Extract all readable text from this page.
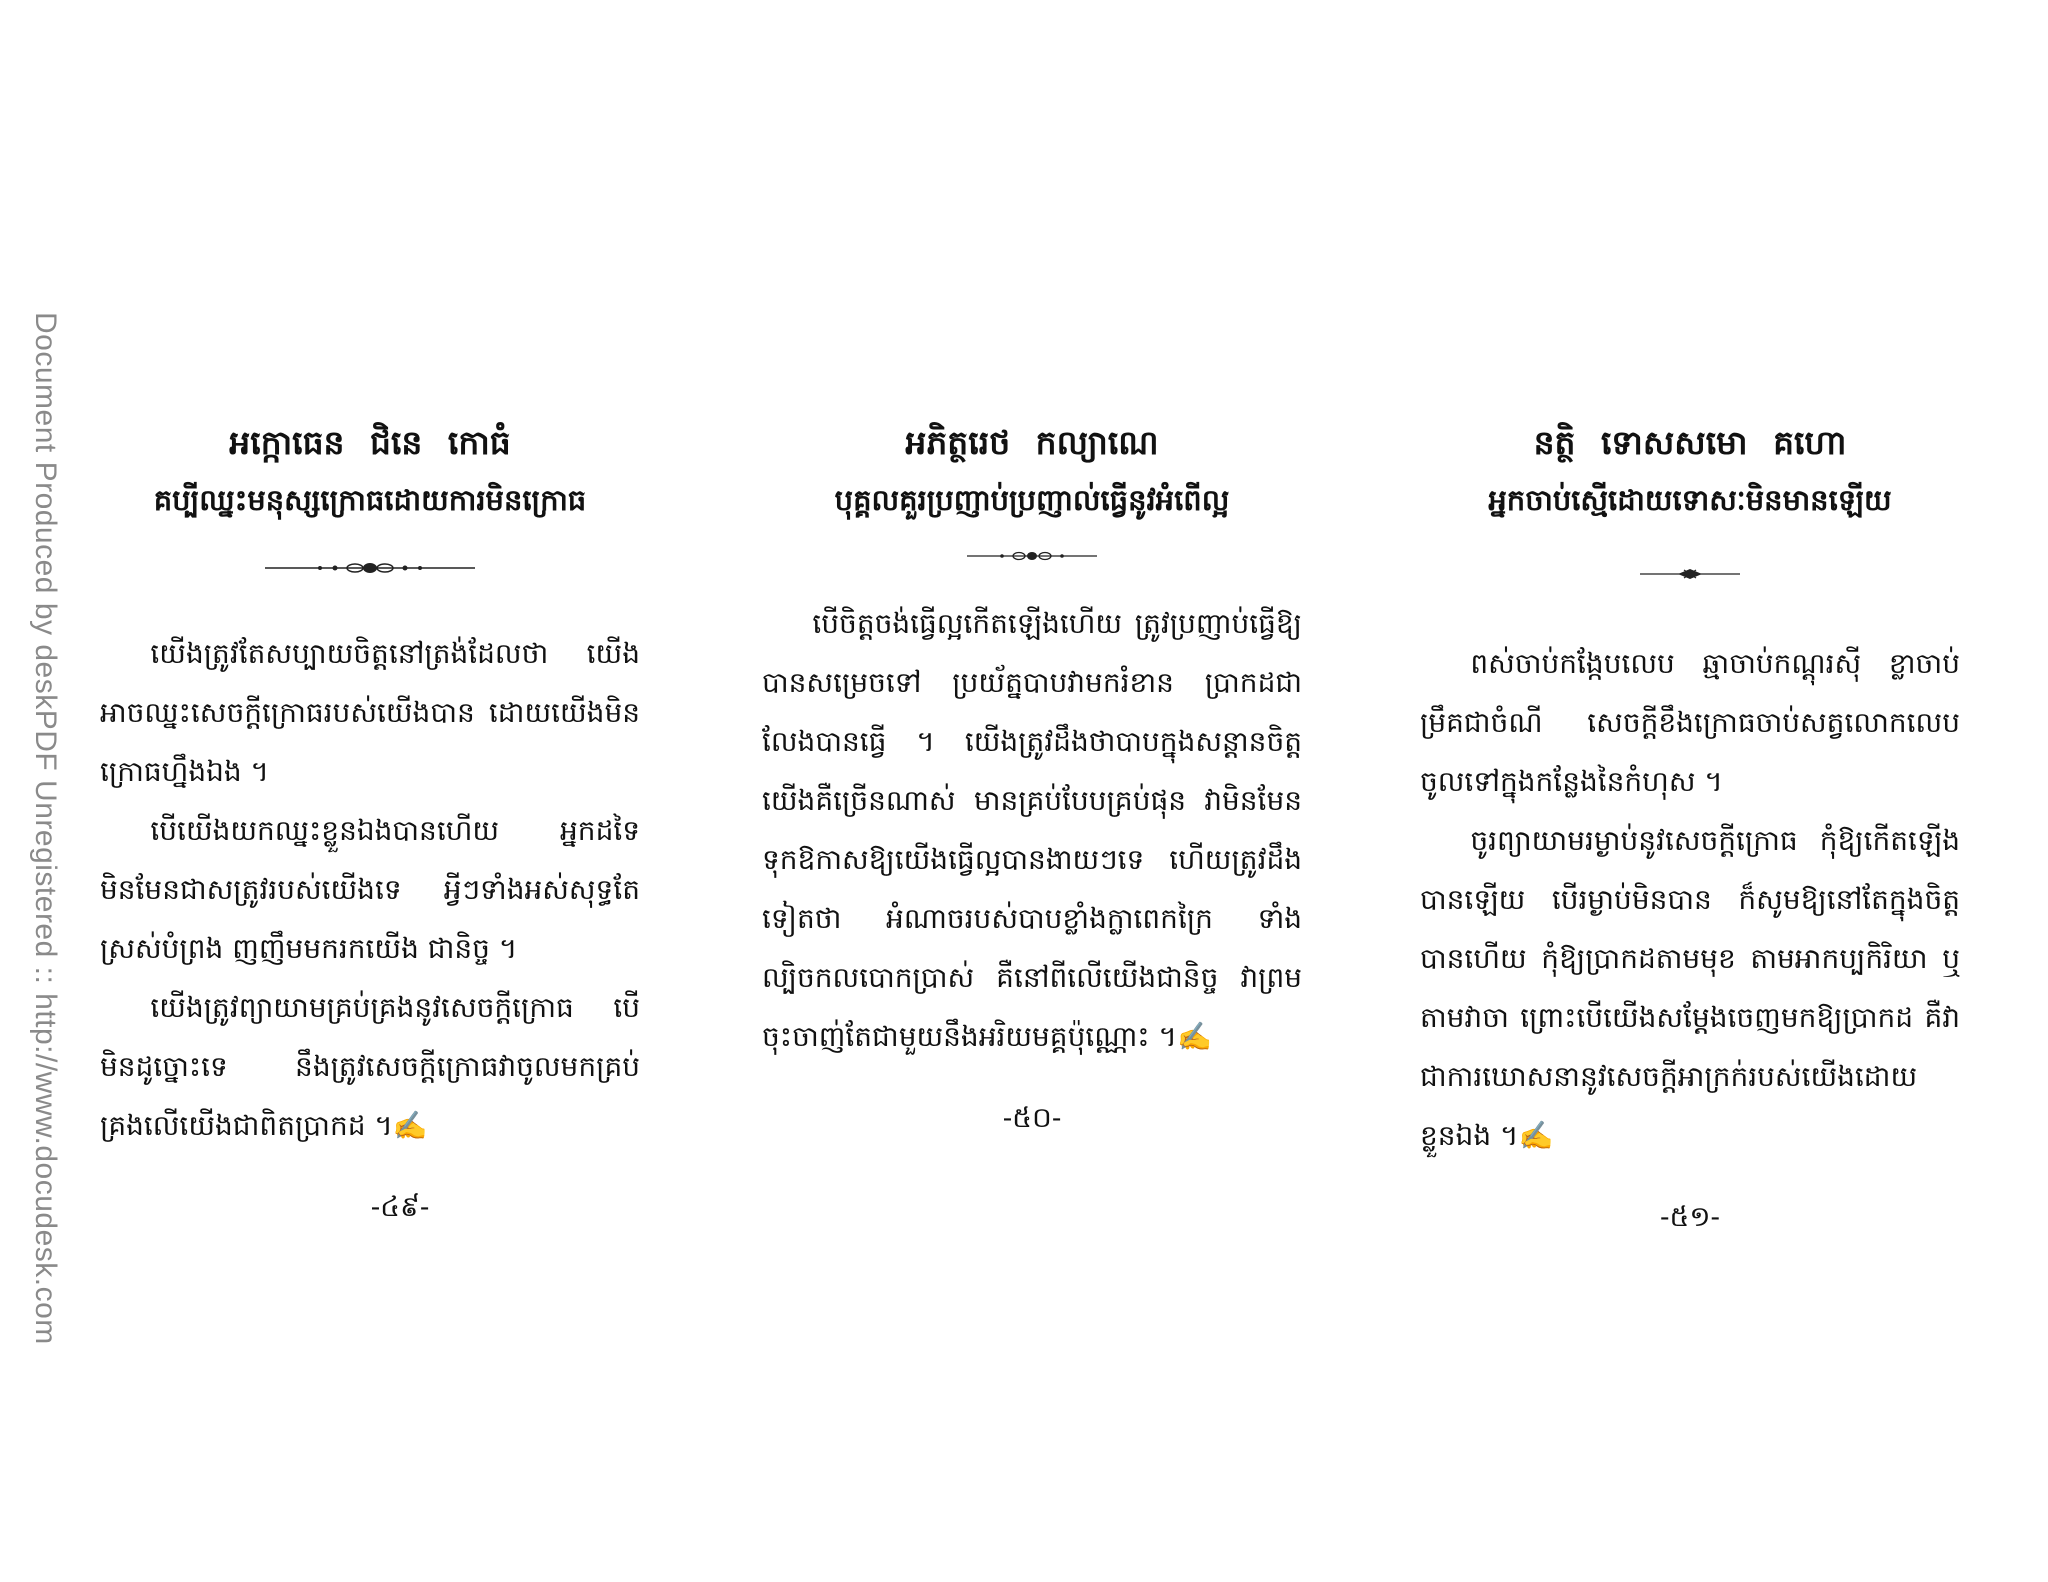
Document Produced by deskPDF Unregistered :: http://www.docudesk.com	អក្កោធេន ជិនេ កោធំ

គប្បីឈ្នះមនុស្សក្រោធដោយការមិនក្រោធ

យើងត្រូវតែសប្បាយចិត្តនៅត្រង់ដែលថា យើងអាចឈ្នះសេចក្តីក្រោធរបស់យើងបាន ដោយយើងមិនក្រោធហ្នឹងឯង ។

បើយើងយកឈ្នះខ្លួនឯងបានហើយ អ្នកដទៃមិនមែនជាសត្រូវរបស់យើងទេ អ្វីៗទាំងអស់សុទ្ធតែស្រស់បំព្រង ញញឹមមករកយើង ជានិច្ច ។

យើងត្រូវព្យាយាមគ្រប់គ្រងនូវសេចក្តីក្រោធ បើមិនដូច្នោះទេ នឹងត្រូវសេចក្តីក្រោធវាចូលមកគ្រប់គ្រងលើយើងជាពិតប្រាកដ ។✍

-៤៩-

អភិត្ថរេថ កល្យាណេ

បុគ្គលគួរប្រញាប់ប្រញាល់ធ្វើនូវអំពើល្អ

បើចិត្តចង់ធ្វើល្អកើតឡើងហើយ ត្រូវប្រញាប់ធ្វើឱ្យបានសម្រេចទៅ ប្រយ័ត្នបាបវាមករំខាន ប្រាកដជាលែងបានធ្វើ ។ យើងត្រូវដឹងថាបាបក្នុងសន្តានចិត្តយើងគឺច្រើនណាស់ មានគ្រប់បែបគ្រប់ផុន វាមិនមែនទុកឱកាសឱ្យយើងធ្វើល្អបានងាយៗទេ ហើយត្រូវដឹងទៀតថា អំណាចរបស់បាបខ្លាំងក្លាពេកក្រៃ ទាំងល្បិចកលបោកប្រាស់ គឺនៅពីលើយើងជានិច្ច វាព្រមចុះចាញ់តែជាមួយនឹងអរិយមគ្គប៉ុណ្ណោះ ។✍

-៥០-

នត្ថិ ទោសសមោ គហោ

អ្នកចាប់ស្មើដោយទោសៈមិនមានឡើយ

ពស់ចាប់កង្កែបលេប ឆ្មាចាប់កណ្តុរស៊ី ខ្លាចាប់ម្រឹគជាចំណី សេចក្តីខឹងក្រោធចាប់សត្វលោកលេបចូលទៅក្នុងកន្លែងនៃកំហុស ។

ចូរព្យាយាមរម្ងាប់នូវសេចក្តីក្រោធ កុំឱ្យកើតឡើងបានឡើយ បើរម្ងាប់មិនបាន ក៏សូមឱ្យនៅតែក្នុងចិត្តបានហើយ កុំឱ្យប្រាកដតាមមុខ តាមអាកប្បកិរិយា ឬតាមវាចា ព្រោះបើយើងសម្តែងចេញមកឱ្យប្រាកដ គឺវាជាការឃោសនានូវសេចក្តីអាក្រក់របស់យើងដោយខ្លួនឯង ។✍

-៥១-
